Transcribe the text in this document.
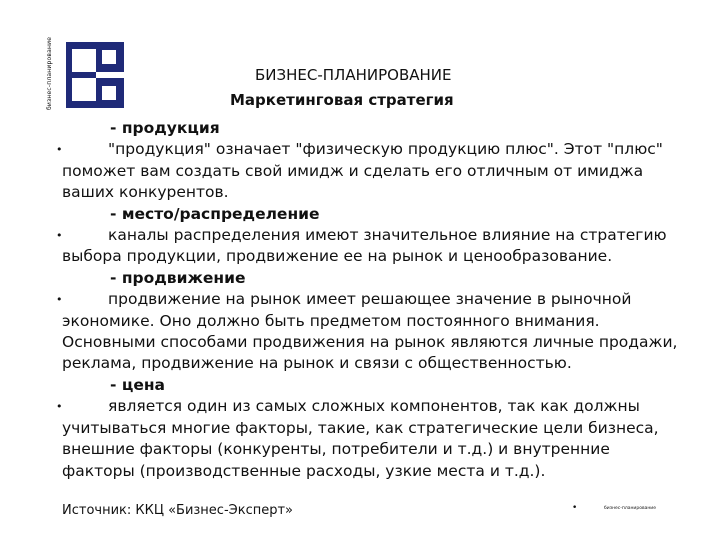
бизнес-планирование	БИЗНЕС-ПЛАНИРОВАНИЕ
Маркетинговая стратегия
- продукция
•	"продукция" означает "физическую продукцию плюс". Этот "плюс" поможет вам создать свой имидж и сделать его отличным от имиджа ваших конкурентов.
- место/распределение
•	каналы распределения имеют значительное влияние на стратегию выбора продукции, продвижение ее на рынок и ценообразование.
- продвижение
•	продвижение на рынок имеет решающее значение в рыночной экономике. Оно должно быть предметом постоянного внимания. Основными способами продвижения на рынок являются личные продажи, реклама, продвижение на рынок и связи с общественностью.
- цена
•	является один из самых сложных компонентов, так как должны учитываться многие факторы, такие, как стратегические цели бизнеса, внешние факторы (конкуренты, потребители и т.д.) и внутренние факторы (производственные расходы, узкие места и т.д.).
Источник: ККЦ «Бизнес-Эксперт»	•	бизнес-планирование
